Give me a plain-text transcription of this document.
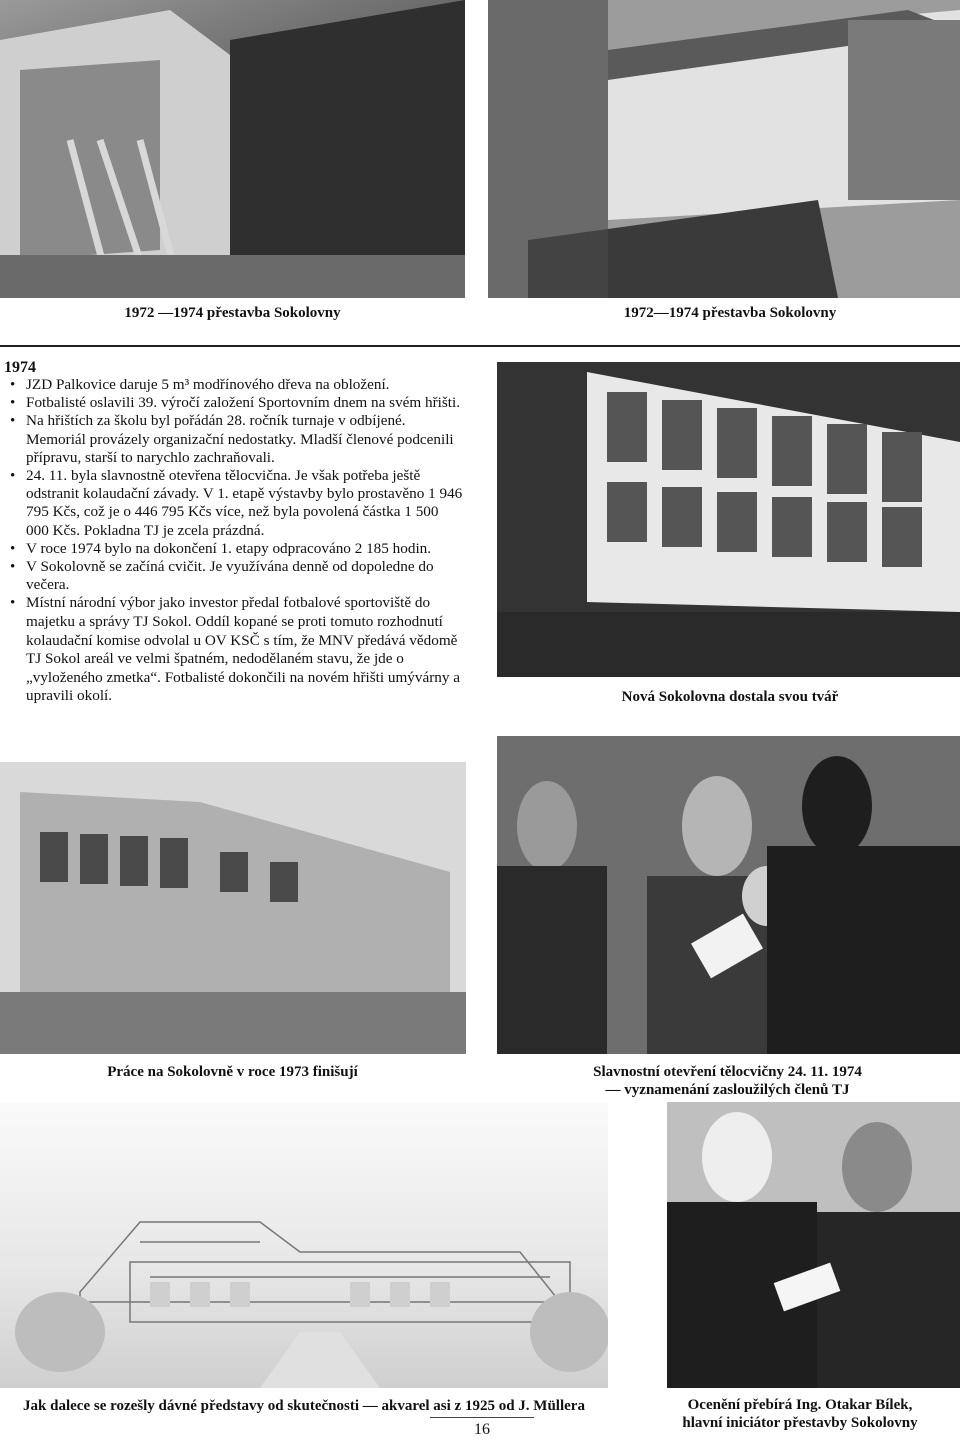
1972 —1974 přestavba Sokolovny	1972—1974 přestavba Sokolovny

1974
• JZD Palkovice daruje 5 m³ modřínového dřeva na obložení.
• Fotbalisté oslavili 39. výročí založení Sportovním dnem na svém hřišti.
• Na hřištích za školu byl pořádán 28. ročník turnaje v odbíjené. Memoriál provázely organizační nedostatky. Mladší členové podcenili přípravu, starší to narychlo zachraňovali.
• 24. 11. byla slavnostně otevřena tělocvična. Je však potřeba ještě odstranit kolaudační závady. V 1. etapě výstavby bylo prostavěno 1 946 795 Kčs, což je o 446 795 Kčs více, než byla povolená částka 1 500 000 Kčs. Pokladna TJ je zcela prázdná.
• V roce 1974 bylo na dokončení 1. etapy odpracováno 2 185 hodin.
• V Sokolovně se začíná cvičit. Je využívána denně od dopoledne do večera.
• Místní národní výbor jako investor předal fotbalové sportoviště do majetku a správy TJ Sokol. Oddíl kopané se proti tomuto rozhodnutí kolaudační komise odvolal u OV KSČ s tím, že MNV předává vědomě TJ Sokol areál ve velmi špatném, nedodělaném stavu, že jde o „vyloženého zmetka“. Fotbalisté dokončili na novém hřišti umývárny a upravili okolí.	Nová Sokolovna dostala svou tvář

Práce na Sokolovně v roce 1973 finišují	Slavnostní otevření tělocvičny 24. 11. 1974

— vyznamenání zasloužilých členů TJ

Jak dalece se rozešly dávné představy od skutečnosti — akvarel asi z 1925 od J. Müllera	Ocenění přebírá Ing. Otakar Bílek,

hlavní iniciátor přestavby Sokolovny

16
